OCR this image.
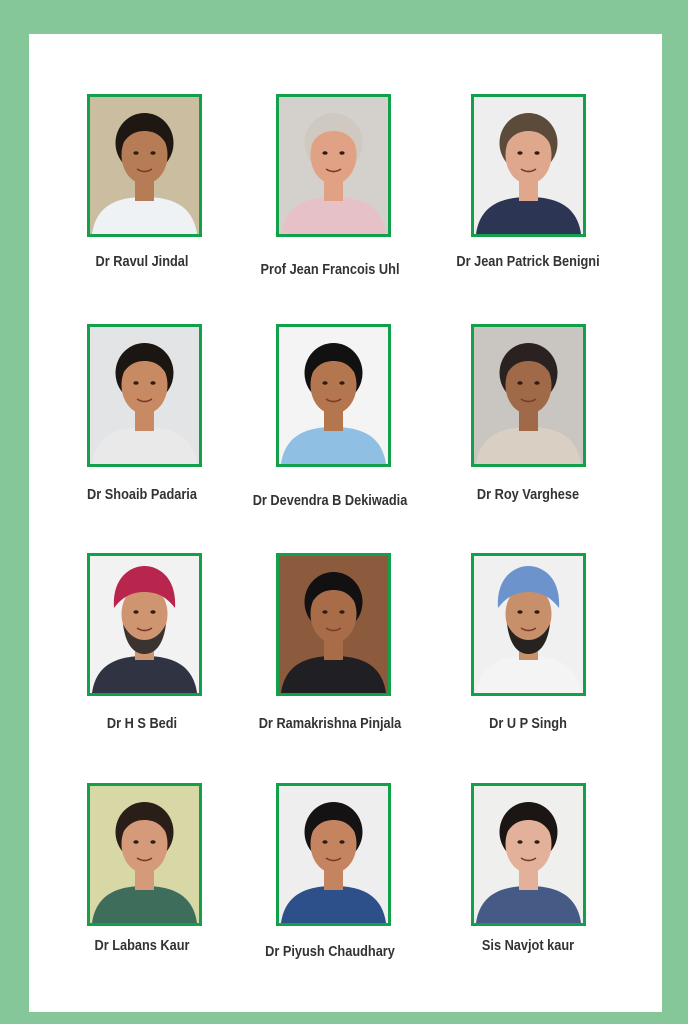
Dr Ravul Jindal	Prof Jean Francois Uhl	Dr Jean Patrick Benigni
Dr Shoaib Padaria	Dr Devendra B Dekiwadia	Dr Roy Varghese
Dr H S Bedi	Dr Ramakrishna Pinjala	Dr U P Singh
Dr Labans Kaur	Dr Piyush Chaudhary	Sis Navjot kaur
